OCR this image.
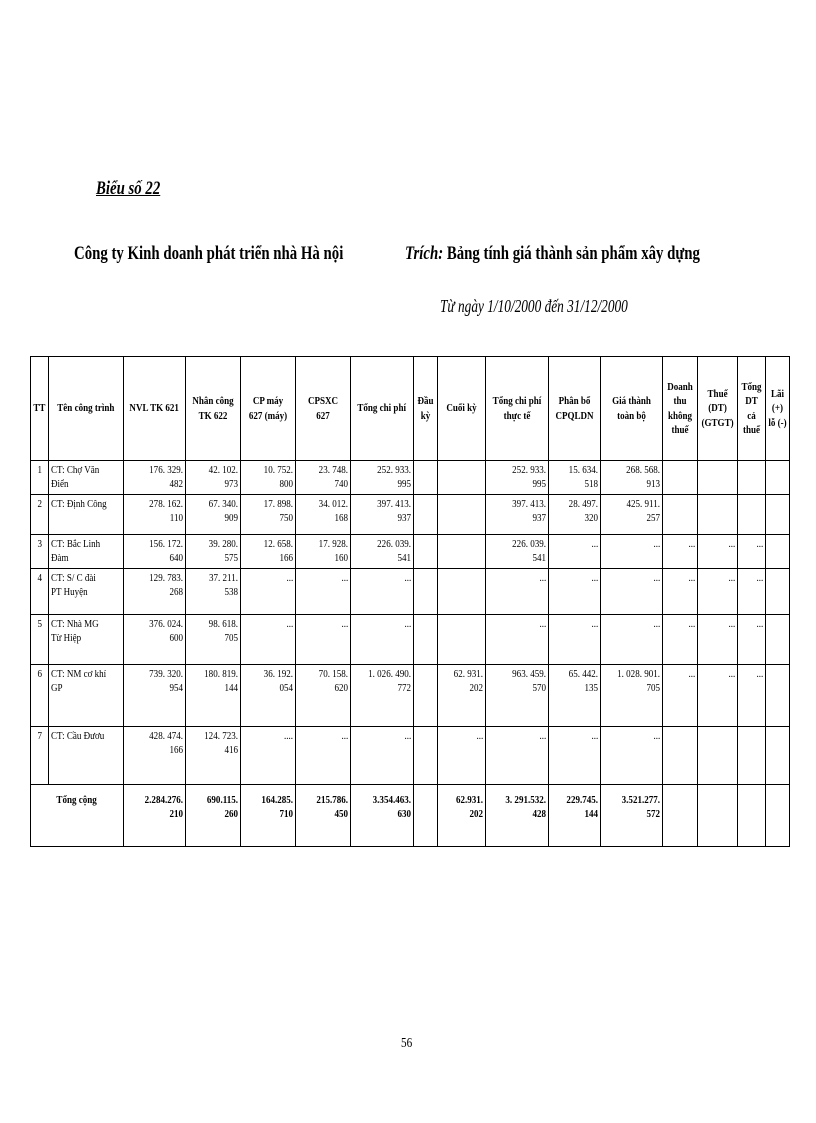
Biểu số 22
Công ty Kinh doanh phát triển nhà Hà nội	Trích: Bảng tính giá thành sản phẩm xây dựng
Từ ngày 1/10/2000 đến 31/12/2000
TT	Tên công trình	NVL TK 621	Nhân công TK 622	CP máy 627 (máy)	CPSXC 627	Tổng chi phí	Đầu kỳ	Cuối kỳ	Tổng chi phí thực tế	Phân bổ CPQLDN	Giá thành toàn bộ	Doanh thu không thuế	Thuế (DT) (GTGT)	Tổng DT cả thuế	Lãi (+) lỗ (-)
1	CT: Chợ Văn Điển	176. 329. 482	42. 102. 973	10. 752. 800	23. 748. 740	252. 933. 995			252. 933. 995	15. 634. 518	268. 568. 913				
2	CT: Định Công	278. 162. 110	67. 340. 909	17. 898. 750	34. 012. 168	397. 413. 937			397. 413. 937	28. 497. 320	425. 911. 257				
3	CT: Bắc Linh Đàm	156. 172. 640	39. 280. 575	12. 658. 166	17. 928. 160	226. 039. 541			226. 039. 541	...	...	...	...	...	
4	CT: S/ C đài PT Huyện	129. 783. 268	37. 211. 538	...	...	...			...	...	...	...	...	...	
5	CT: Nhà MG Từ Hiệp	376. 024. 600	98. 618. 705	...	...	...			...	...	...	...	...	...	
6	CT: NM cơ khí GP	739. 320. 954	180. 819. 144	36. 192. 054	70. 158. 620	1. 026. 490. 772		62. 931. 202	963. 459. 570	65. 442. 135	1. 028. 901. 705	...	...	...	
7	CT: Cầu Đươu	428. 474. 166	124. 723. 416	....	...	...		...	...	...	...				
Tổng cộng		2.284.276. 210	690.115. 260	164.285. 710	215.786. 450	3.354.463. 630		62.931. 202	3. 291.532. 428	229.745. 144	3.521.277. 572				
56
